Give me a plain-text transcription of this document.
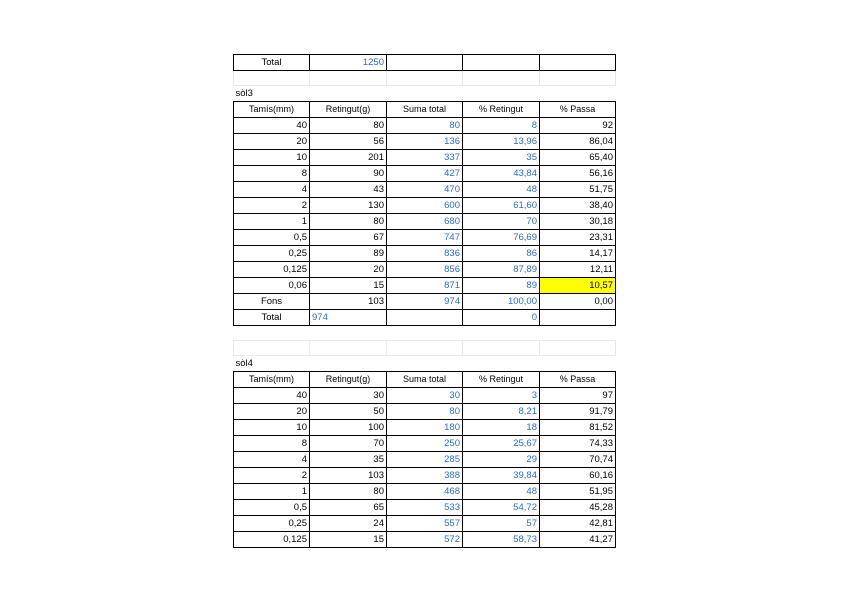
Total	1250			

sòl3				
Tamís(mm)	Retingut(g)	Suma total	% Retingut	% Passa
40	80	80	8	92
20	56	136	13,96	86,04
10	201	337	35	65,40
8	90	427	43,84	56,16
4	43	470	48	51,75
2	130	600	61,60	38,40
1	80	680	70	30,18
0,5	67	747	76,69	23,31
0,25	89	836	86	14,17
0,125	20	856	87,89	12,11
0,06	15	871	89	10,57
Fons	103	974	100,00	0,00
Total	974		0	

sòl4				
Tamís(mm)	Retingut(g)	Suma total	% Retingut	% Passa
40	30	30	3	97
20	50	80	8,21	91,79
10	100	180	18	81,52
8	70	250	25,67	74,33
4	35	285	29	70,74
2	103	388	39,84	60,16
1	80	468	48	51,95
0,5	65	533	54,72	45,28
0,25	24	557	57	42,81
0,125	15	572	58,73	41,27
